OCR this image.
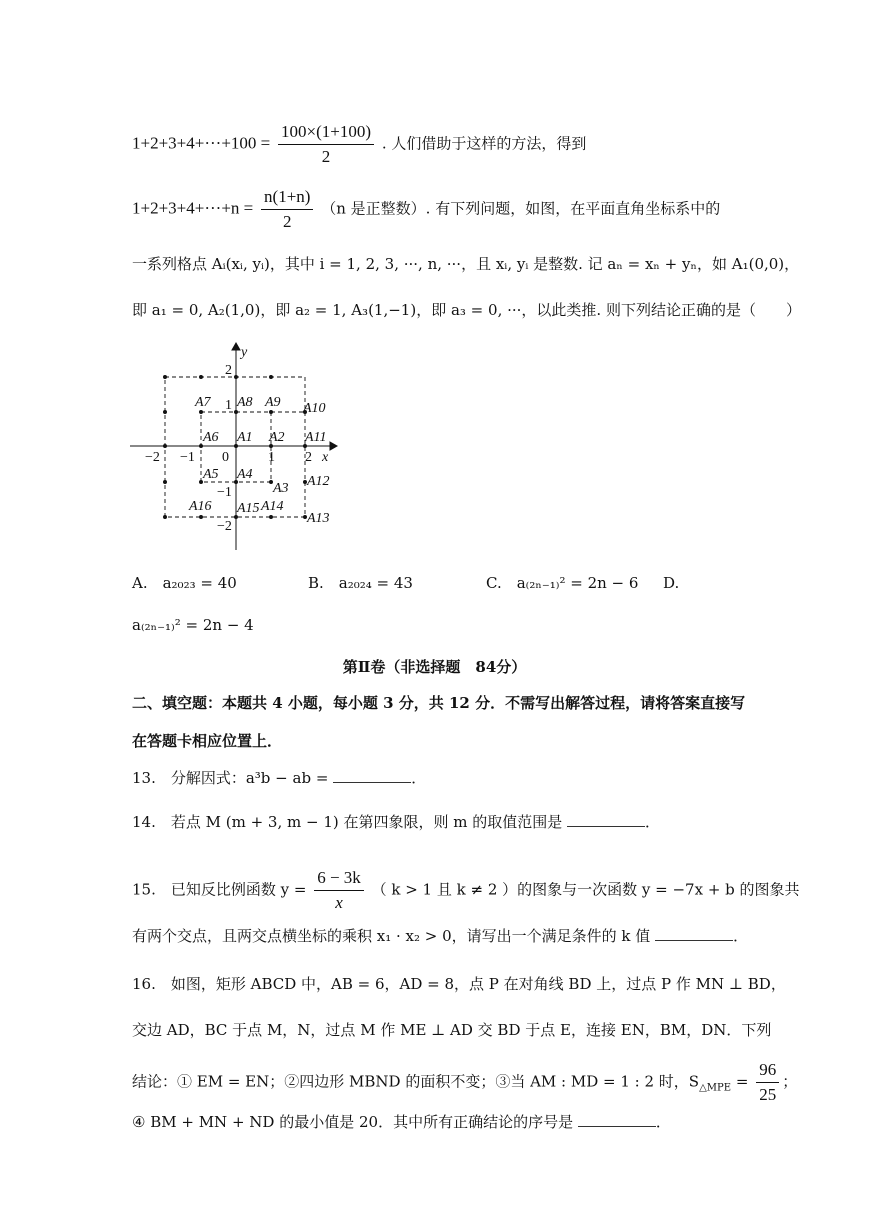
$1+2+3+4+\cdot\cdot\cdot+100 = \frac{100\times(1+100)}{2}$ . 人们借助于这样的方法，得到
$1+2+3+4+\cdot\cdot\cdot+n = \frac{n(1+n)}{2} (n$ 是正整数）. 有下列问题，如图，在平面直角坐标系中的
一系列格点 Aᵢ(xᵢ, yᵢ)，其中 i = 1, 2, 3, ···, n, ···，且 xᵢ, yᵢ 是整数. 记 aₙ = xₙ + yₙ，如 A₁(0,0)，
即 a₁ = 0, A₂(1,0)，即 a₂ = 1, A₃(1,−1)，即 a₃ = 0, ···，以此类推. 则下列结论正确的是（　　）
x
y
0
−2 −1	1 2
2
1
−1
−2
A1 A2
A3
A4
A5
A6
A7 A8 A9 A10
A11
A12
A13
A14
A15
A16
A.　a₂₀₂₃ = 40	B.　a₂₀₂₄ = 43	C.　a₍₂ₙ₋₁₎² = 2n − 6 D.
a₍₂ₙ₋₁₎² = 2n − 4
第Ⅱ卷（非选择题　84分）
二、填空题：本题共 4 小题，每小题 3 分，共 12 分．不需写出解答过程，请将答案直接写
在答题卡相应位置上．
13.　分解因式：a³b − ab =	．
14.　若点 M (m + 3, m − 1) 在第四象限，则 m 的取值范围是	．
15.　已知反比例函数 $y = \frac{6 - 3k}{x}$ （ k > 1 且 k ≠ 2 ）的图象与一次函数 y = −7x + b 的图象共
有两个交点，且两交点横坐标的乘积 x₁ · x₂ > 0，请写出一个满足条件的 k 值	．
16.　如图，矩形 ABCD 中，AB = 6，AD = 8，点 P 在对角线 BD 上，过点 P 作 MN ⊥ BD，
交边 AD，BC 于点 M，N，过点 M 作 ME ⊥ AD 交 BD 于点 E，连接 EN，BM，DN．下列
结论：① EM = EN；②四边形 MBND 的面积不变；③当 AM : MD = 1 : 2 时，$S_{\triangle MPE} = \frac{96}{25}$ ；
④ BM + MN + ND 的最小值是 20．其中所有正确结论的序号是	．
